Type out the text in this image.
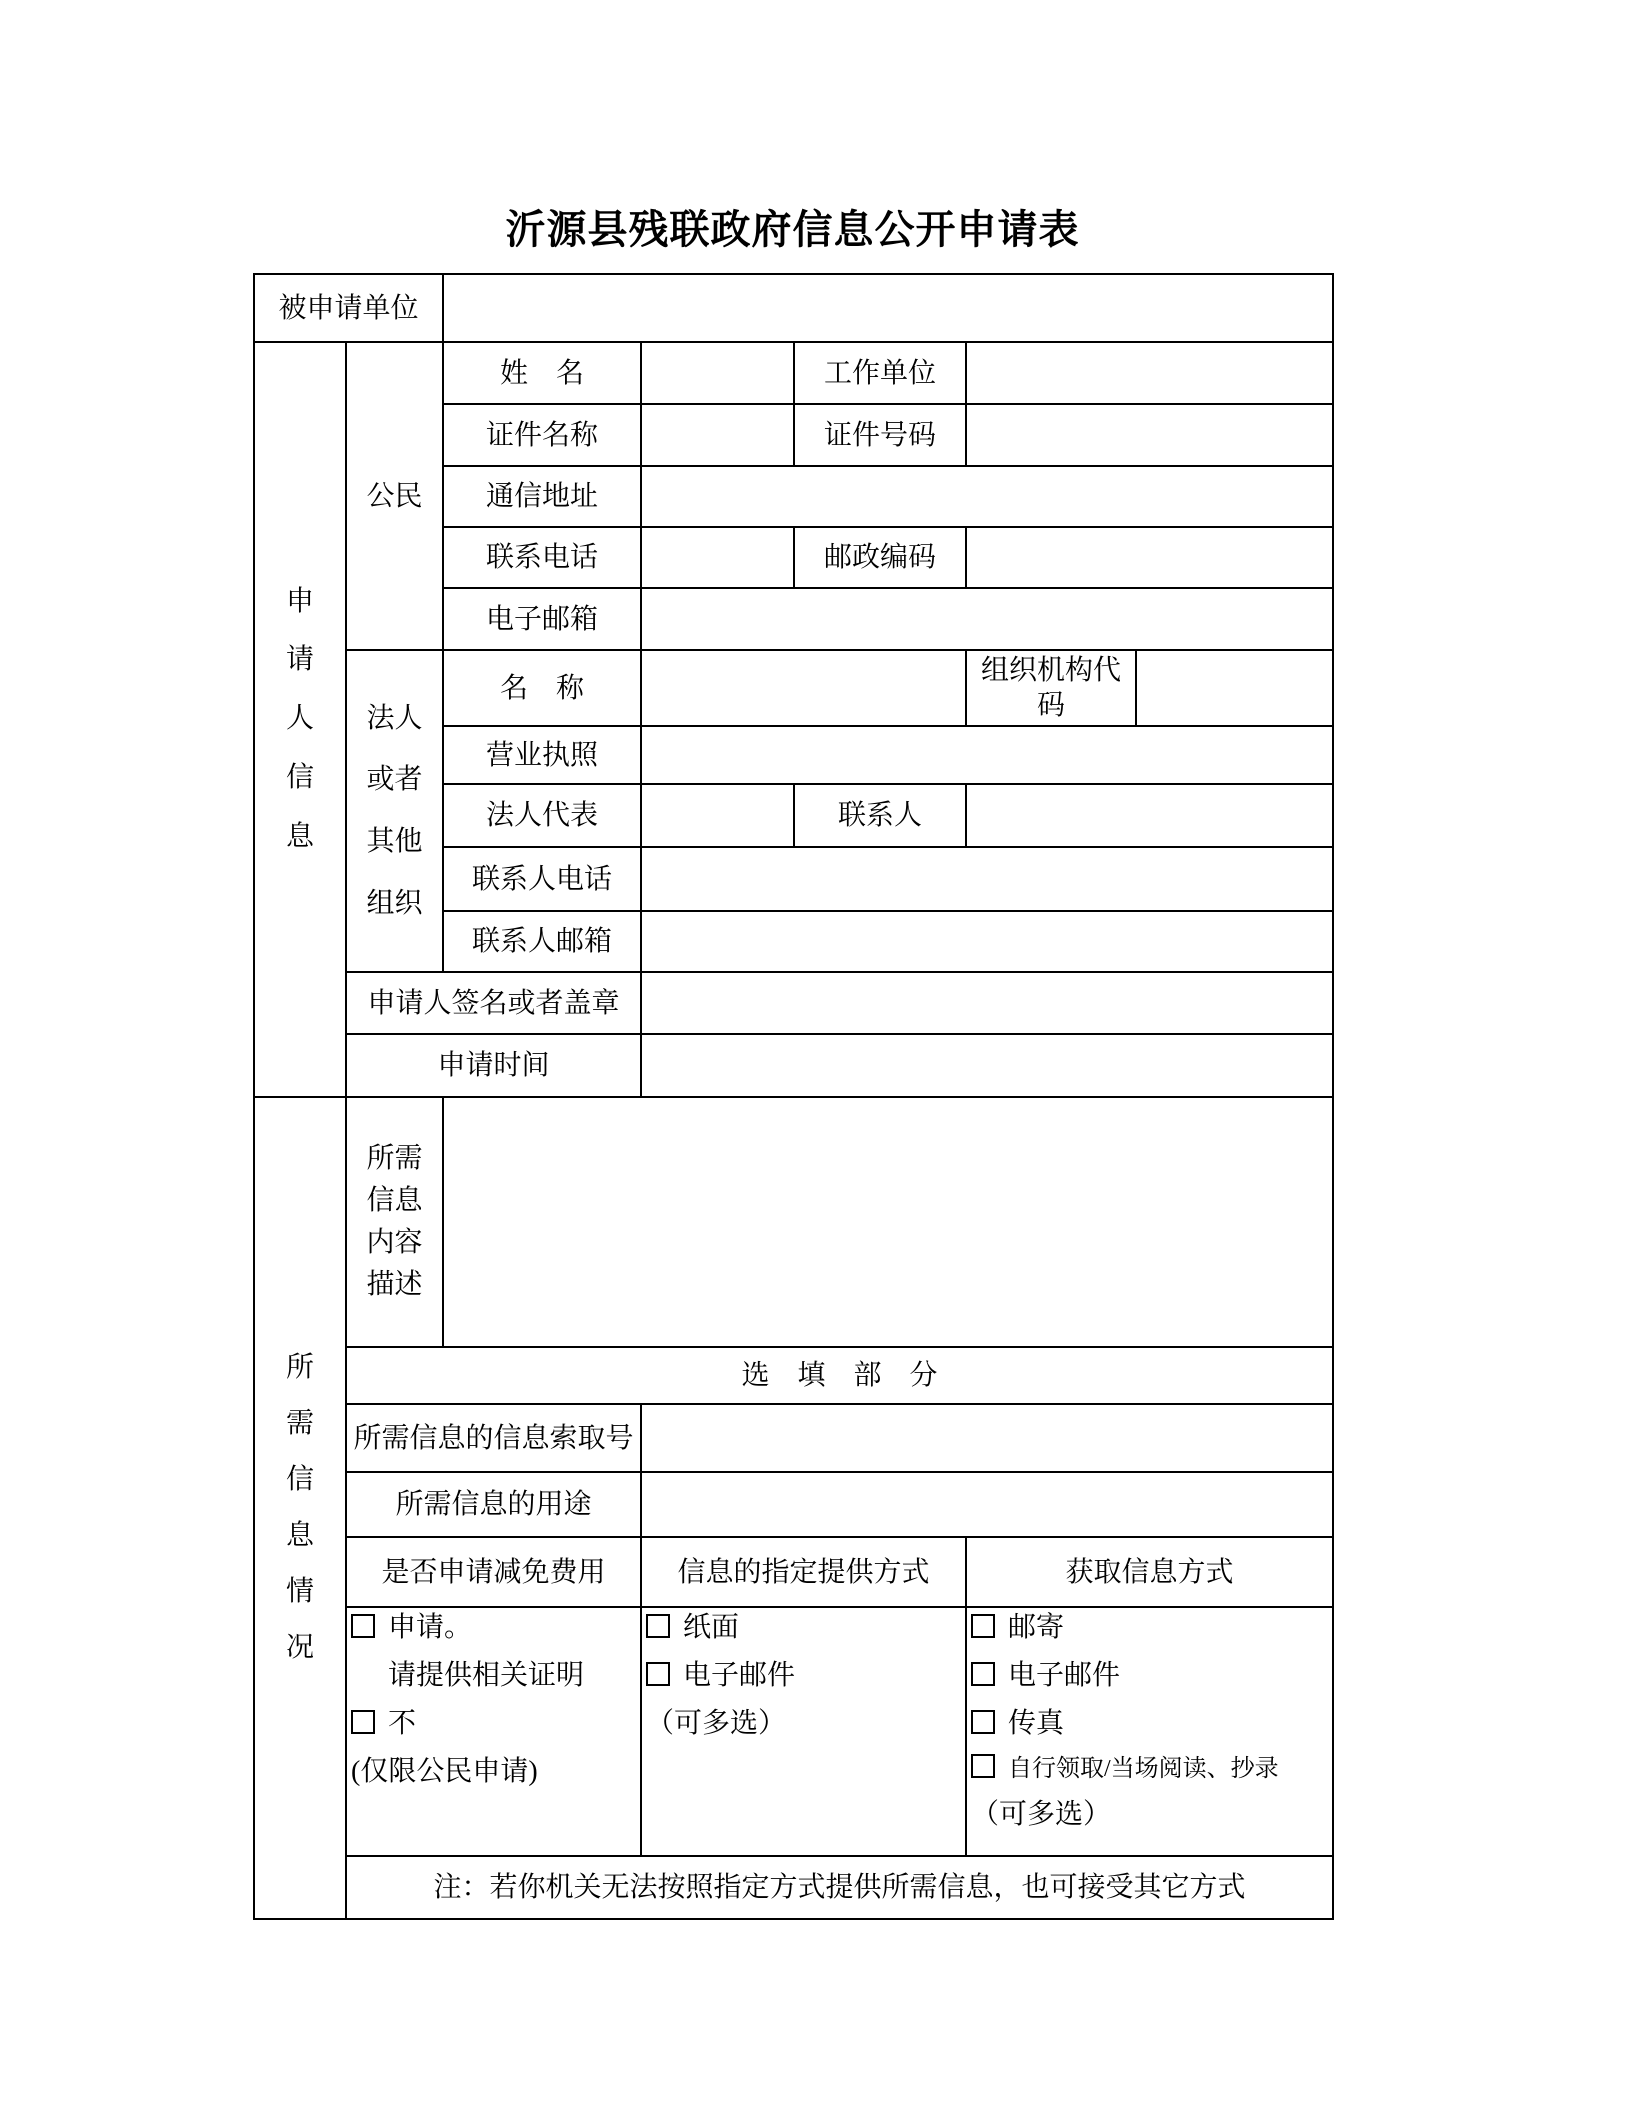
沂源县残联政府信息公开申请表
被申请单位						
申请人信息	公民	姓　名		工作单位		
		证件名称		证件号码		
		通信地址				
		联系电话		邮政编码		
		电子邮箱				
	法人或者其他组织	名　称			组织机构代码	
		营业执照				
		法人代表		联系人		
		联系人电话				
		联系人邮箱				
	申请人签名或者盖章					
	申请时间					
所需信息情况	所需信息内容描述					
	选　填　部　分					
	所需信息的信息索取号					
	所需信息的用途					
	是否申请减免费用		信息的指定提供方式		获取信息方式	

申请。
请提供相关证明
不
(仅限公民申请)

纸面
电子邮件
（可多选）

邮寄
电子邮件
传真
自行领取/当场阅读、抄录
（可多选）

	注：若你机关无法按照指定方式提供所需信息，也可接受其它方式					
